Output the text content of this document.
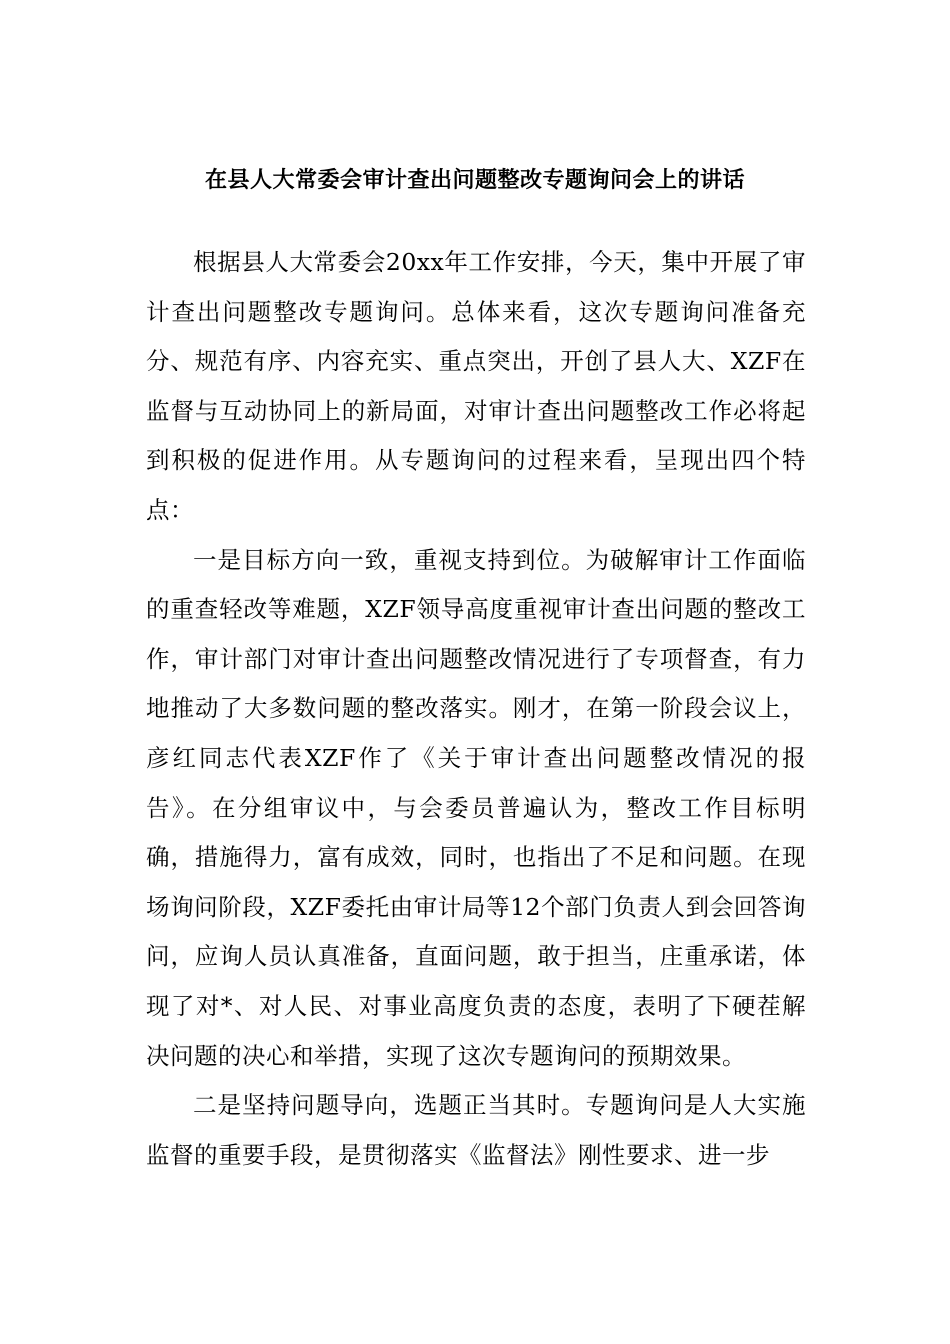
在县人大常委会审计查出问题整改专题询问会上的讲话

根据县人大常委会20xx年工作安排，今天，集中开展了审计查出问题整改专题询问。总体来看，这次专题询问准备充分、规范有序、内容充实、重点突出，开创了县人大、XZF在监督与互动协同上的新局面，对审计查出问题整改工作必将起到积极的促进作用。从专题询问的过程来看，呈现出四个特点：

一是目标方向一致，重视支持到位。为破解审计工作面临的重查轻改等难题，XZF领导高度重视审计查出问题的整改工作，审计部门对审计查出问题整改情况进行了专项督查，有力地推动了大多数问题的整改落实。刚才，在第一阶段会议上，彦红同志代表XZF作了《关于审计查出问题整改情况的报告》。在分组审议中，与会委员普遍认为，整改工作目标明确，措施得力，富有成效，同时，也指出了不足和问题。在现场询问阶段，XZF委托由审计局等12个部门负责人到会回答询问，应询人员认真准备，直面问题，敢于担当，庄重承诺，体现了对*、对人民、对事业高度负责的态度，表明了下硬茬解决问题的决心和举措，实现了这次专题询问的预期效果。

二是坚持问题导向，选题正当其时。专题询问是人大实施监督的重要手段，是贯彻落实《监督法》刚性要求、进一步
